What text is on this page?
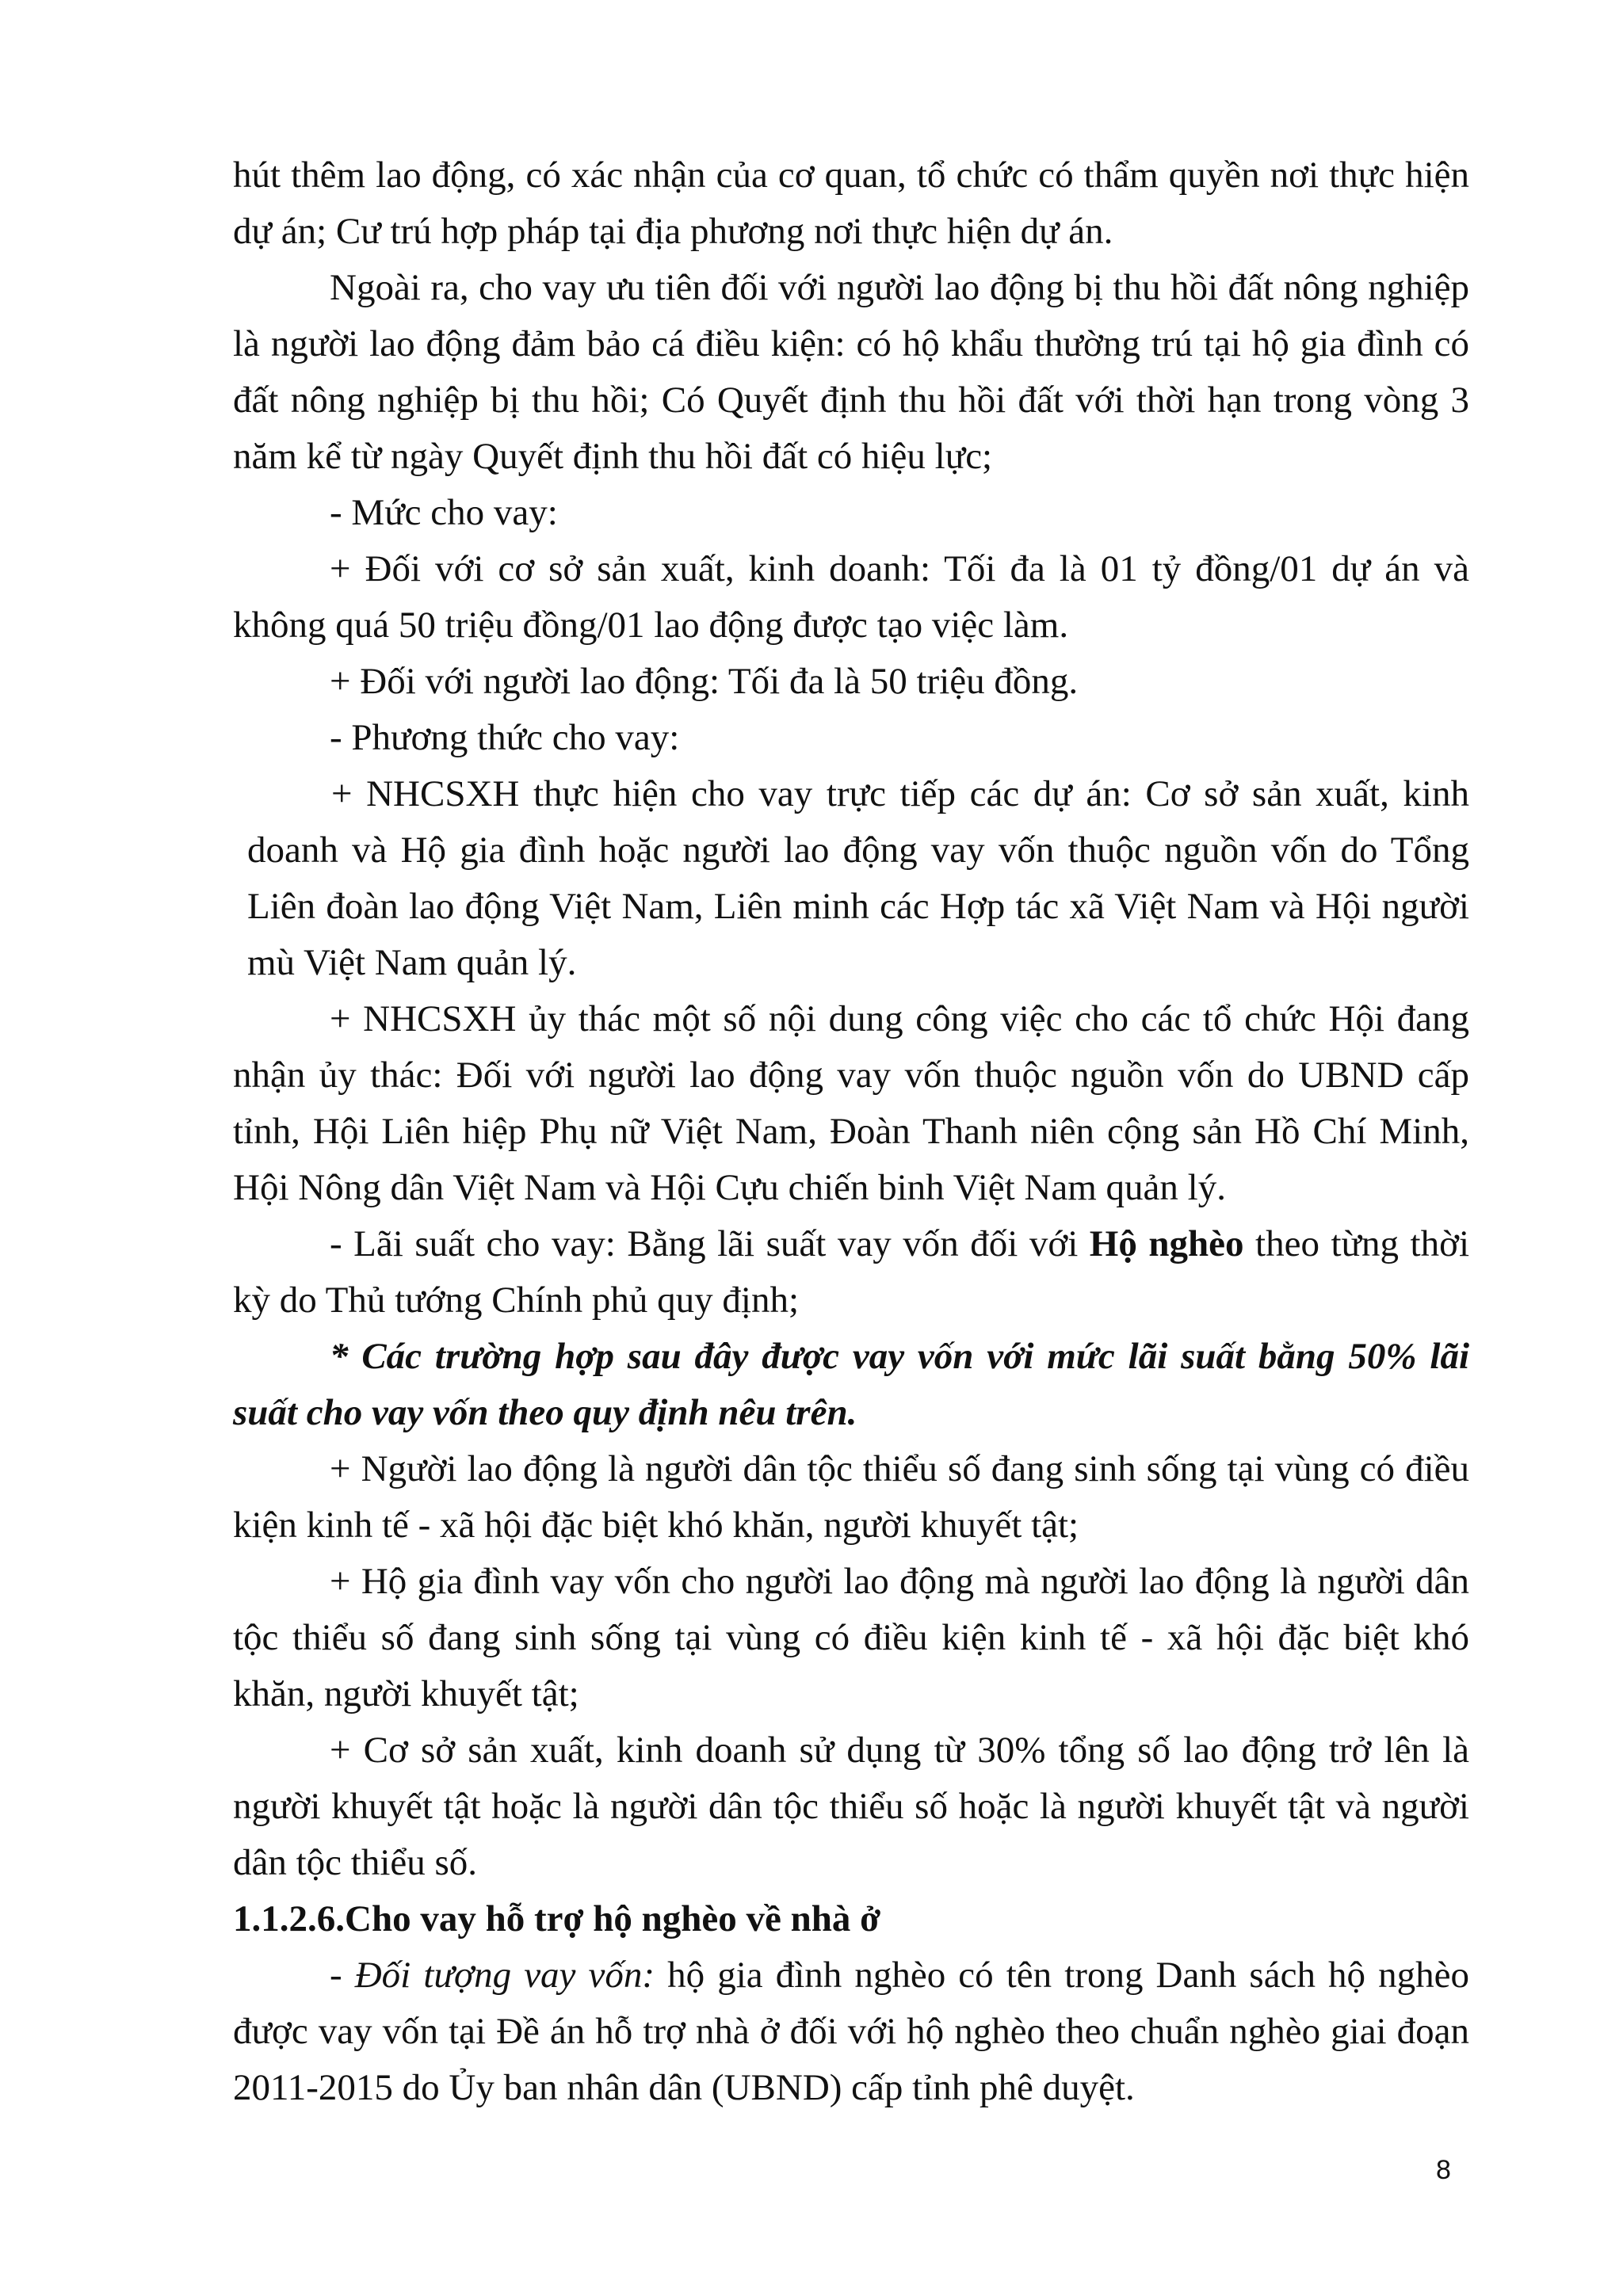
hút thêm lao động, có xác nhận của cơ quan, tổ chức có thẩm quyền nơi thực hiện dự án; Cư trú hợp pháp tại địa phương nơi thực hiện dự án.

Ngoài ra, cho vay ưu tiên đối với người lao động bị thu hồi đất nông nghiệp là người lao động đảm bảo cá điều kiện: có hộ khẩu thường trú tại hộ gia đình có đất nông nghiệp bị thu hồi; Có Quyết định thu hồi đất với thời hạn trong vòng 3 năm kể từ ngày Quyết định thu hồi đất có hiệu lực;

- Mức cho vay:

+ Đối với cơ sở sản xuất, kinh doanh: Tối đa là 01 tỷ đồng/01 dự án và không quá 50 triệu đồng/01 lao động được tạo việc làm.

+ Đối với người lao động: Tối đa là 50 triệu đồng.

- Phương thức cho vay:

+ NHCSXH thực hiện cho vay trực tiếp các dự án: Cơ sở sản xuất, kinh doanh và Hộ gia đình hoặc người lao động vay vốn thuộc nguồn vốn do Tổng Liên đoàn lao động Việt Nam, Liên minh các Hợp tác xã Việt Nam và Hội người mù Việt Nam quản lý.

+ NHCSXH ủy thác một số nội dung công việc cho các tổ chức Hội đang nhận ủy thác: Đối với người lao động vay vốn thuộc nguồn vốn do UBND cấp tỉnh, Hội Liên hiệp Phụ nữ Việt Nam, Đoàn Thanh niên cộng sản Hồ Chí Minh, Hội Nông dân Việt Nam và Hội Cựu chiến binh Việt Nam quản lý.

- Lãi suất cho vay: Bằng lãi suất vay vốn đối với Hộ nghèo theo từng thời kỳ do Thủ tướng Chính phủ quy định;

* Các trường hợp sau đây được vay vốn với mức lãi suất bằng 50% lãi suất cho vay vốn theo quy định nêu trên.

+ Người lao động là người dân tộc thiểu số đang sinh sống tại vùng có điều kiện kinh tế - xã hội đặc biệt khó khăn, người khuyết tật;

+ Hộ gia đình vay vốn cho người lao động mà người lao động là người dân tộc thiểu số đang sinh sống tại vùng có điều kiện kinh tế - xã hội đặc biệt khó khăn, người khuyết tật;

+ Cơ sở sản xuất, kinh doanh sử dụng từ 30% tổng số lao động trở lên là người khuyết tật hoặc là người dân tộc thiểu số hoặc là người khuyết tật và người dân tộc thiểu số.

1.1.2.6.Cho vay hỗ trợ hộ nghèo về nhà ở

- Đối tượng vay vốn: hộ gia đình nghèo có tên trong Danh sách hộ nghèo được vay vốn tại Đề án hỗ trợ nhà ở đối với hộ nghèo theo chuẩn nghèo giai đoạn 2011-2015 do Ủy ban nhân dân (UBND) cấp tỉnh phê duyệt.

8
